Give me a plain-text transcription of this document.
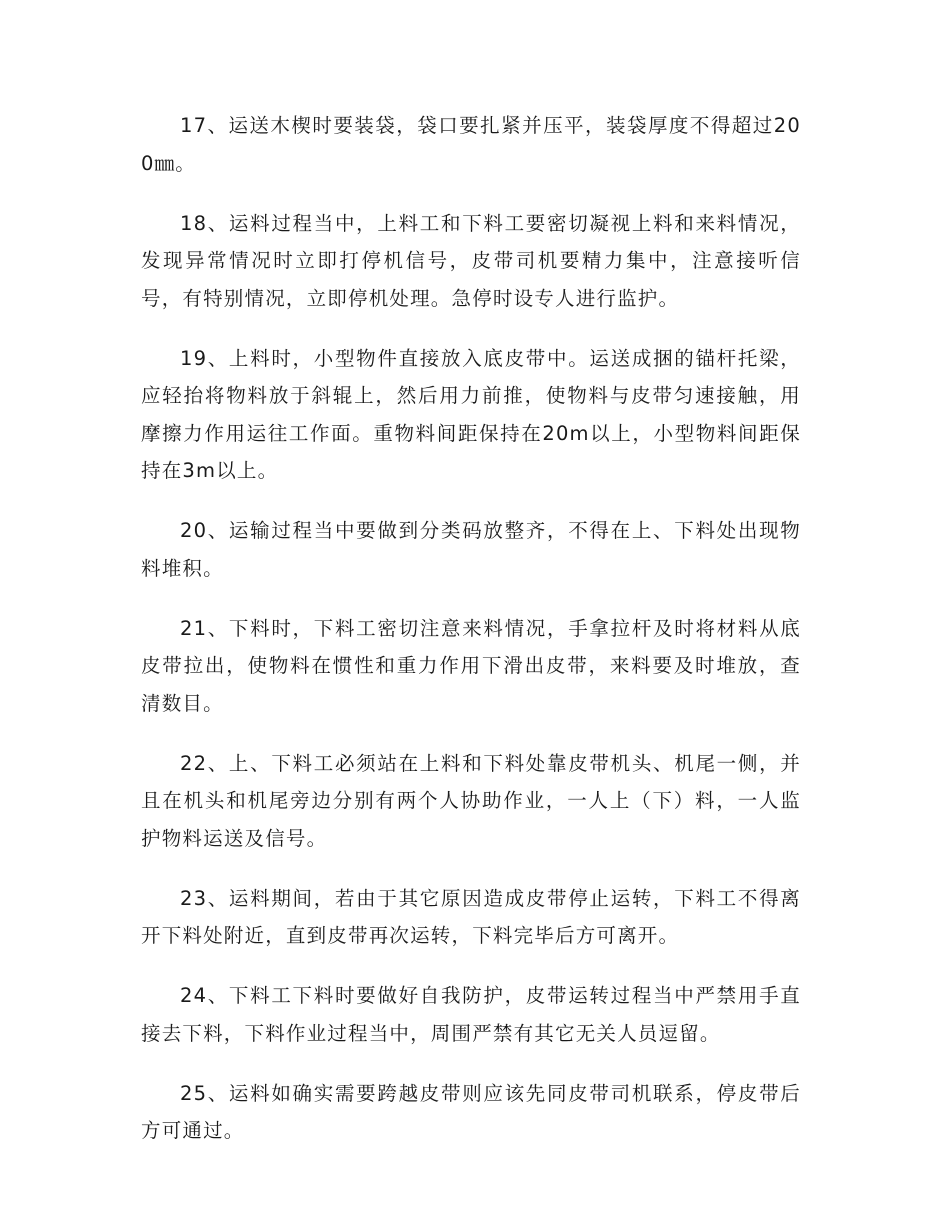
17、运送木楔时要装袋，袋口要扎紧并压平，装袋厚度不得超过200㎜。

18、运料过程当中，上料工和下料工要密切凝视上料和来料情况，发现异常情况时立即打停机信号，皮带司机要精力集中，注意接听信号，有特别情况，立即停机处理。急停时设专人进行监护。

19、上料时，小型物件直接放入底皮带中。运送成捆的锚杆托梁，应轻抬将物料放于斜辊上，然后用力前推，使物料与皮带匀速接触，用摩擦力作用运往工作面。重物料间距保持在20m以上，小型物料间距保持在3m以上。

20、运输过程当中要做到分类码放整齐，不得在上、下料处出现物料堆积。

21、下料时，下料工密切注意来料情况，手拿拉杆及时将材料从底皮带拉出，使物料在惯性和重力作用下滑出皮带，来料要及时堆放，查清数目。

22、上、下料工必须站在上料和下料处靠皮带机头、机尾一侧，并且在机头和机尾旁边分别有两个人协助作业，一人上（下）料，一人监护物料运送及信号。

23、运料期间，若由于其它原因造成皮带停止运转，下料工不得离开下料处附近，直到皮带再次运转，下料完毕后方可离开。

24、下料工下料时要做好自我防护，皮带运转过程当中严禁用手直接去下料，下料作业过程当中，周围严禁有其它无关人员逗留。

25、运料如确实需要跨越皮带则应该先同皮带司机联系，停皮带后方可通过。
